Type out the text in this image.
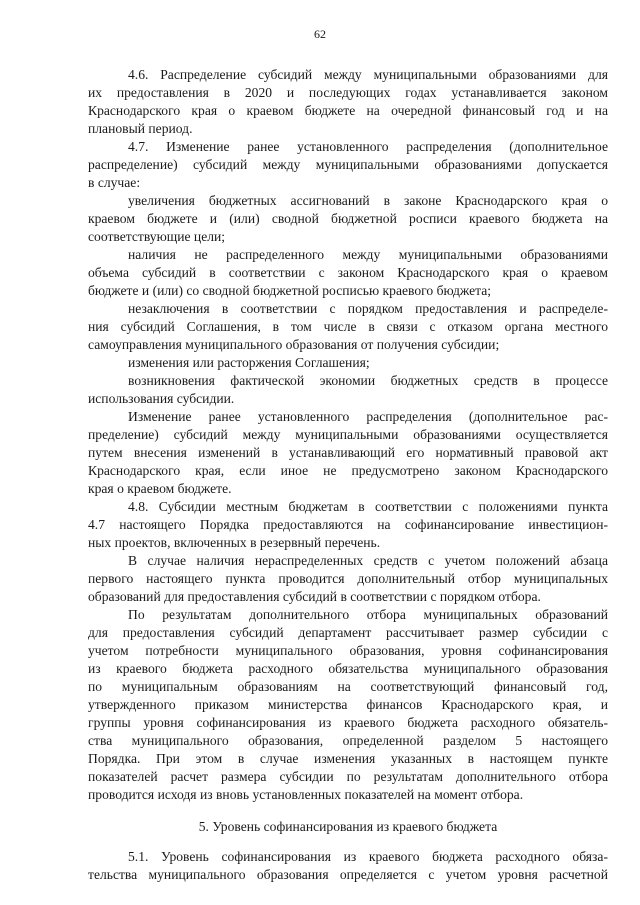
62
4.6. Распределение субсидий между муниципальными образованиями для
их предоставления в 2020 и последующих годах устанавливается законом
Краснодарского края о краевом бюджете на очередной финансовый год и на
плановый период.
4.7. Изменение ранее установленного распределения (дополнительное
распределение) субсидий между муниципальными образованиями допускается
в случае:
увеличения бюджетных ассигнований в законе Краснодарского края о
краевом бюджете и (или) сводной бюджетной росписи краевого бюджета на
соответствующие цели;
наличия не распределенного между муниципальными образованиями
объема субсидий в соответствии с законом Краснодарского края о краевом
бюджете и (или) со сводной бюджетной росписью краевого бюджета;
незаключения в соответствии с порядком предоставления и распределе-
ния субсидий Соглашения, в том числе в связи с отказом органа местного
самоуправления муниципального образования от получения субсидии;
изменения или расторжения Соглашения;
возникновения фактической экономии бюджетных средств в процессе
использования субсидии.
Изменение ранее установленного распределения (дополнительное рас-
пределение) субсидий между муниципальными образованиями осуществляется
путем внесения изменений в устанавливающий его нормативный правовой акт
Краснодарского края, если иное не предусмотрено законом Краснодарского
края о краевом бюджете.
4.8. Субсидии местным бюджетам в соответствии с положениями пункта
4.7 настоящего Порядка предоставляются на софинансирование инвестицион-
ных проектов, включенных в резервный перечень.
В случае наличия нераспределенных средств с учетом положений абзаца
первого настоящего пункта проводится дополнительный отбор муниципальных
образований для предоставления субсидий в соответствии с порядком отбора.
По результатам дополнительного отбора муниципальных образований
для предоставления субсидий департамент рассчитывает размер субсидии с
учетом потребности муниципального образования, уровня софинансирования
из краевого бюджета расходного обязательства муниципального образования
по муниципальным образованиям на соответствующий финансовый год,
утвержденного приказом министерства финансов Краснодарского края, и
группы уровня софинансирования из краевого бюджета расходного обязатель-
ства муниципального образования, определенной разделом 5 настоящего
Порядка. При этом в случае изменения указанных в настоящем пункте
показателей расчет размера субсидии по результатам дополнительного отбора
проводится исходя из вновь установленных показателей на момент отбора.
5. Уровень софинансирования из краевого бюджета
5.1. Уровень софинансирования из краевого бюджета расходного обяза-
тельства муниципального образования определяется с учетом уровня расчетной
